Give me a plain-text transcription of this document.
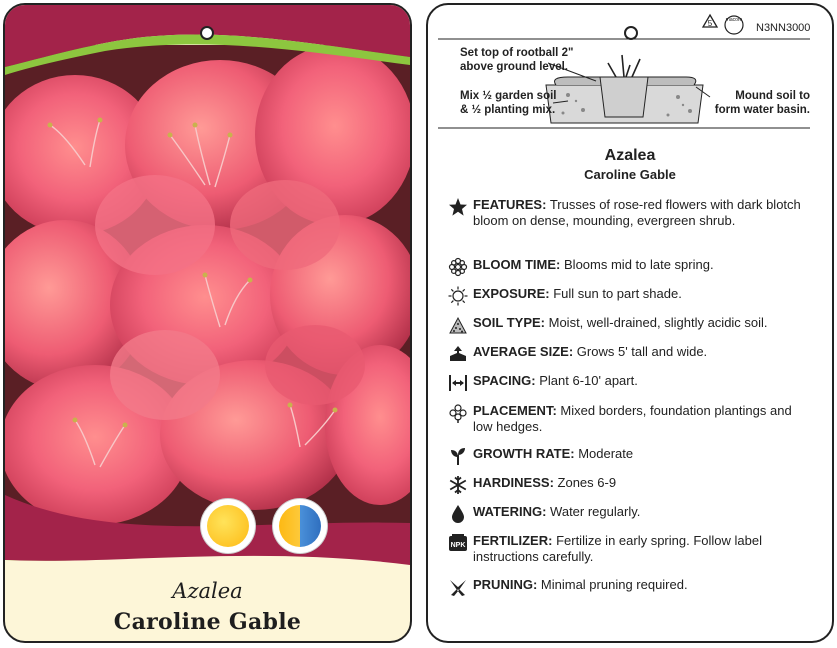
Azalea
Caroline Gable
5	macore
N3NN3000
Set top of rootball 2" above ground level.
Mix ½ garden soil & ½ planting mix.
Mound soil to form water basin.
Azalea
Caroline Gable
FEATURES: Trusses of rose-red flowers with dark blotch bloom on dense, mounding, evergreen shrub.
BLOOM TIME: Blooms mid to late spring.
EXPOSURE: Full sun to part shade.
SOIL TYPE: Moist, well-drained, slightly acidic soil.
AVERAGE SIZE: Grows 5' tall and wide.
SPACING: Plant 6-10' apart.
PLACEMENT: Mixed borders, foundation plantings and low hedges.
GROWTH RATE: Moderate
HARDINESS: Zones 6-9
WATERING: Water regularly.
NPK FERTILIZER: Fertilize in early spring. Follow label instructions carefully.
PRUNING: Minimal pruning required.
